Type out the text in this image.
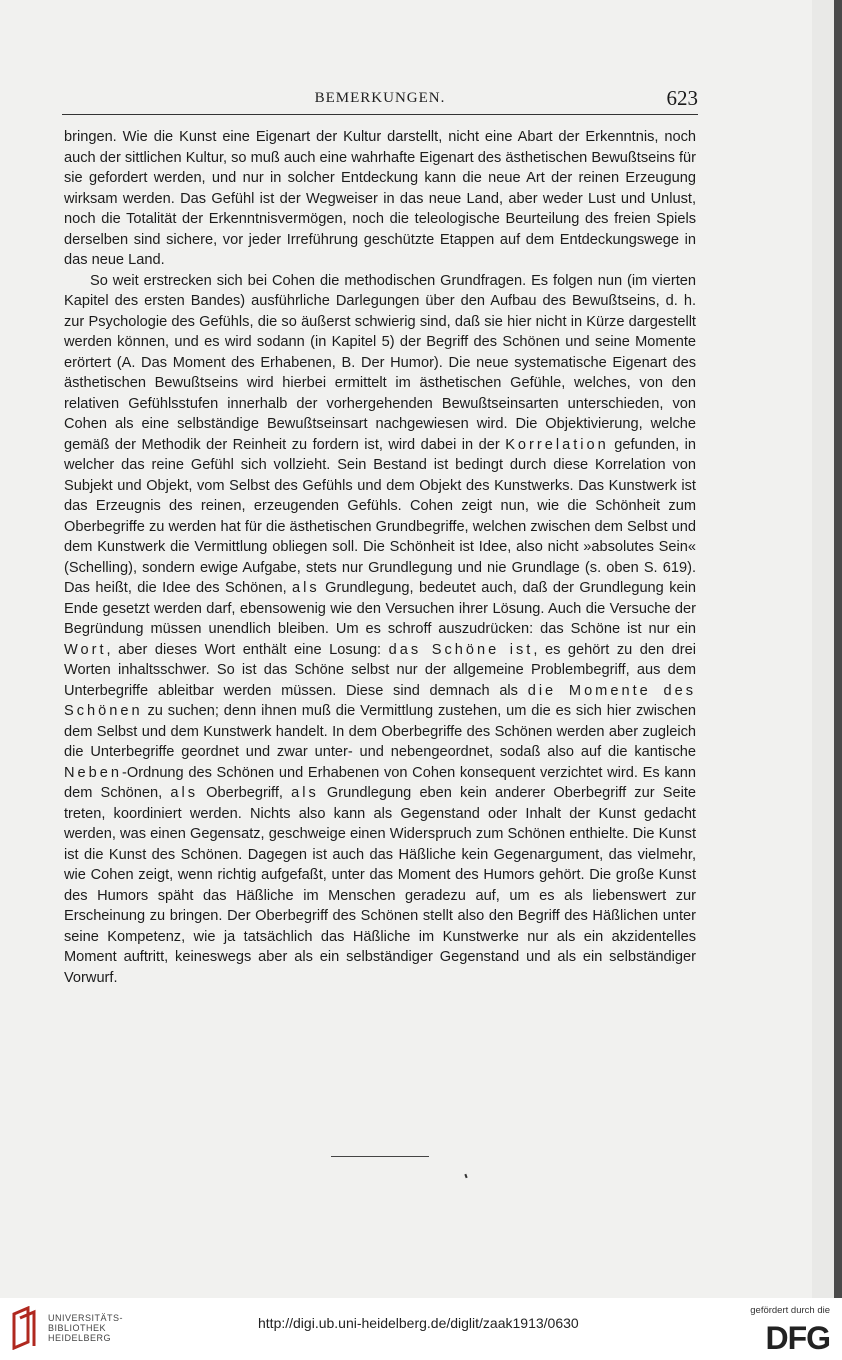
BEMERKUNGEN.	623

bringen. Wie die Kunst eine Eigenart der Kultur darstellt, nicht eine Abart der Erkenntnis, noch auch der sittlichen Kultur, so muß auch eine wahrhafte Eigenart des ästhetischen Bewußtseins für sie gefordert werden, und nur in solcher Entdeckung kann die neue Art der reinen Erzeugung wirksam werden. Das Gefühl ist der Wegweiser in das neue Land, aber weder Lust und Unlust, noch die Totalität der Erkenntnisvermögen, noch die teleologische Beurteilung des freien Spiels derselben sind sichere, vor jeder Irreführung geschützte Etappen auf dem Entdeckungswege in das neue Land.

So weit erstrecken sich bei Cohen die methodischen Grundfragen. Es folgen nun (im vierten Kapitel des ersten Bandes) ausführliche Darlegungen über den Aufbau des Bewußtseins, d. h. zur Psychologie des Gefühls, die so äußerst schwierig sind, daß sie hier nicht in Kürze dargestellt werden können, und es wird sodann (in Kapitel 5) der Begriff des Schönen und seine Momente erörtert (A. Das Moment des Erhabenen, B. Der Humor). Die neue systematische Eigenart des ästhetischen Bewußtseins wird hierbei ermittelt im ästhetischen Gefühle, welches, von den relativen Gefühlsstufen innerhalb der vorhergehenden Bewußtseinsarten unterschieden, von Cohen als eine selbständige Bewußtseinsart nachgewiesen wird. Die Objektivierung, welche gemäß der Methodik der Reinheit zu fordern ist, wird dabei in der Korrelation gefunden, in welcher das reine Gefühl sich vollzieht. Sein Bestand ist bedingt durch diese Korrelation von Subjekt und Objekt, vom Selbst des Gefühls und dem Objekt des Kunstwerks. Das Kunstwerk ist das Erzeugnis des reinen, erzeugenden Gefühls. Cohen zeigt nun, wie die Schönheit zum Oberbegriffe zu werden hat für die ästhetischen Grundbegriffe, welchen zwischen dem Selbst und dem Kunstwerk die Vermittlung obliegen soll. Die Schönheit ist Idee, also nicht »absolutes Sein« (Schelling), sondern ewige Aufgabe, stets nur Grundlegung und nie Grundlage (s. oben S. 619). Das heißt, die Idee des Schönen, als Grundlegung, bedeutet auch, daß der Grundlegung kein Ende gesetzt werden darf, ebensowenig wie den Versuchen ihrer Lösung. Auch die Versuche der Begründung müssen unendlich bleiben. Um es schroff auszudrücken: das Schöne ist nur ein Wort, aber dieses Wort enthält eine Losung: das Schöne ist, es gehört zu den drei Worten inhaltsschwer. So ist das Schöne selbst nur der allgemeine Problembegriff, aus dem Unterbegriffe ableitbar werden müssen. Diese sind demnach als die Momente des Schönen zu suchen; denn ihnen muß die Vermittlung zustehen, um die es sich hier zwischen dem Selbst und dem Kunstwerk handelt. In dem Oberbegriffe des Schönen werden aber zugleich die Unterbegriffe geordnet und zwar unter- und nebengeordnet, sodaß also auf die kantische Neben-Ordnung des Schönen und Erhabenen von Cohen konsequent verzichtet wird. Es kann dem Schönen, als Oberbegriff, als Grundlegung eben kein anderer Oberbegriff zur Seite treten, koordiniert werden. Nichts also kann als Gegenstand oder Inhalt der Kunst gedacht werden, was einen Gegensatz, geschweige einen Widerspruch zum Schönen enthielte. Die Kunst ist die Kunst des Schönen. Dagegen ist auch das Häßliche kein Gegenargument, das vielmehr, wie Cohen zeigt, wenn richtig aufgefaßt, unter das Moment des Humors gehört. Die große Kunst des Humors späht das Häßliche im Menschen geradezu auf, um es als liebenswert zur Erscheinung zu bringen. Der Oberbegriff des Schönen stellt also den Begriff des Häßlichen unter seine Kompetenz, wie ja tatsächlich das Häßliche im Kunstwerke nur als ein akzidentelles Moment auftritt, keineswegs aber als ein selbständiger Gegenstand und als ein selbständiger Vorwurf.

UNIVERSITÄTS-
BIBLIOTHEK
HEIDELBERG
http://digi.ub.uni-heidelberg.de/diglit/zaak1913/0630
gefördert durch die
DFG
